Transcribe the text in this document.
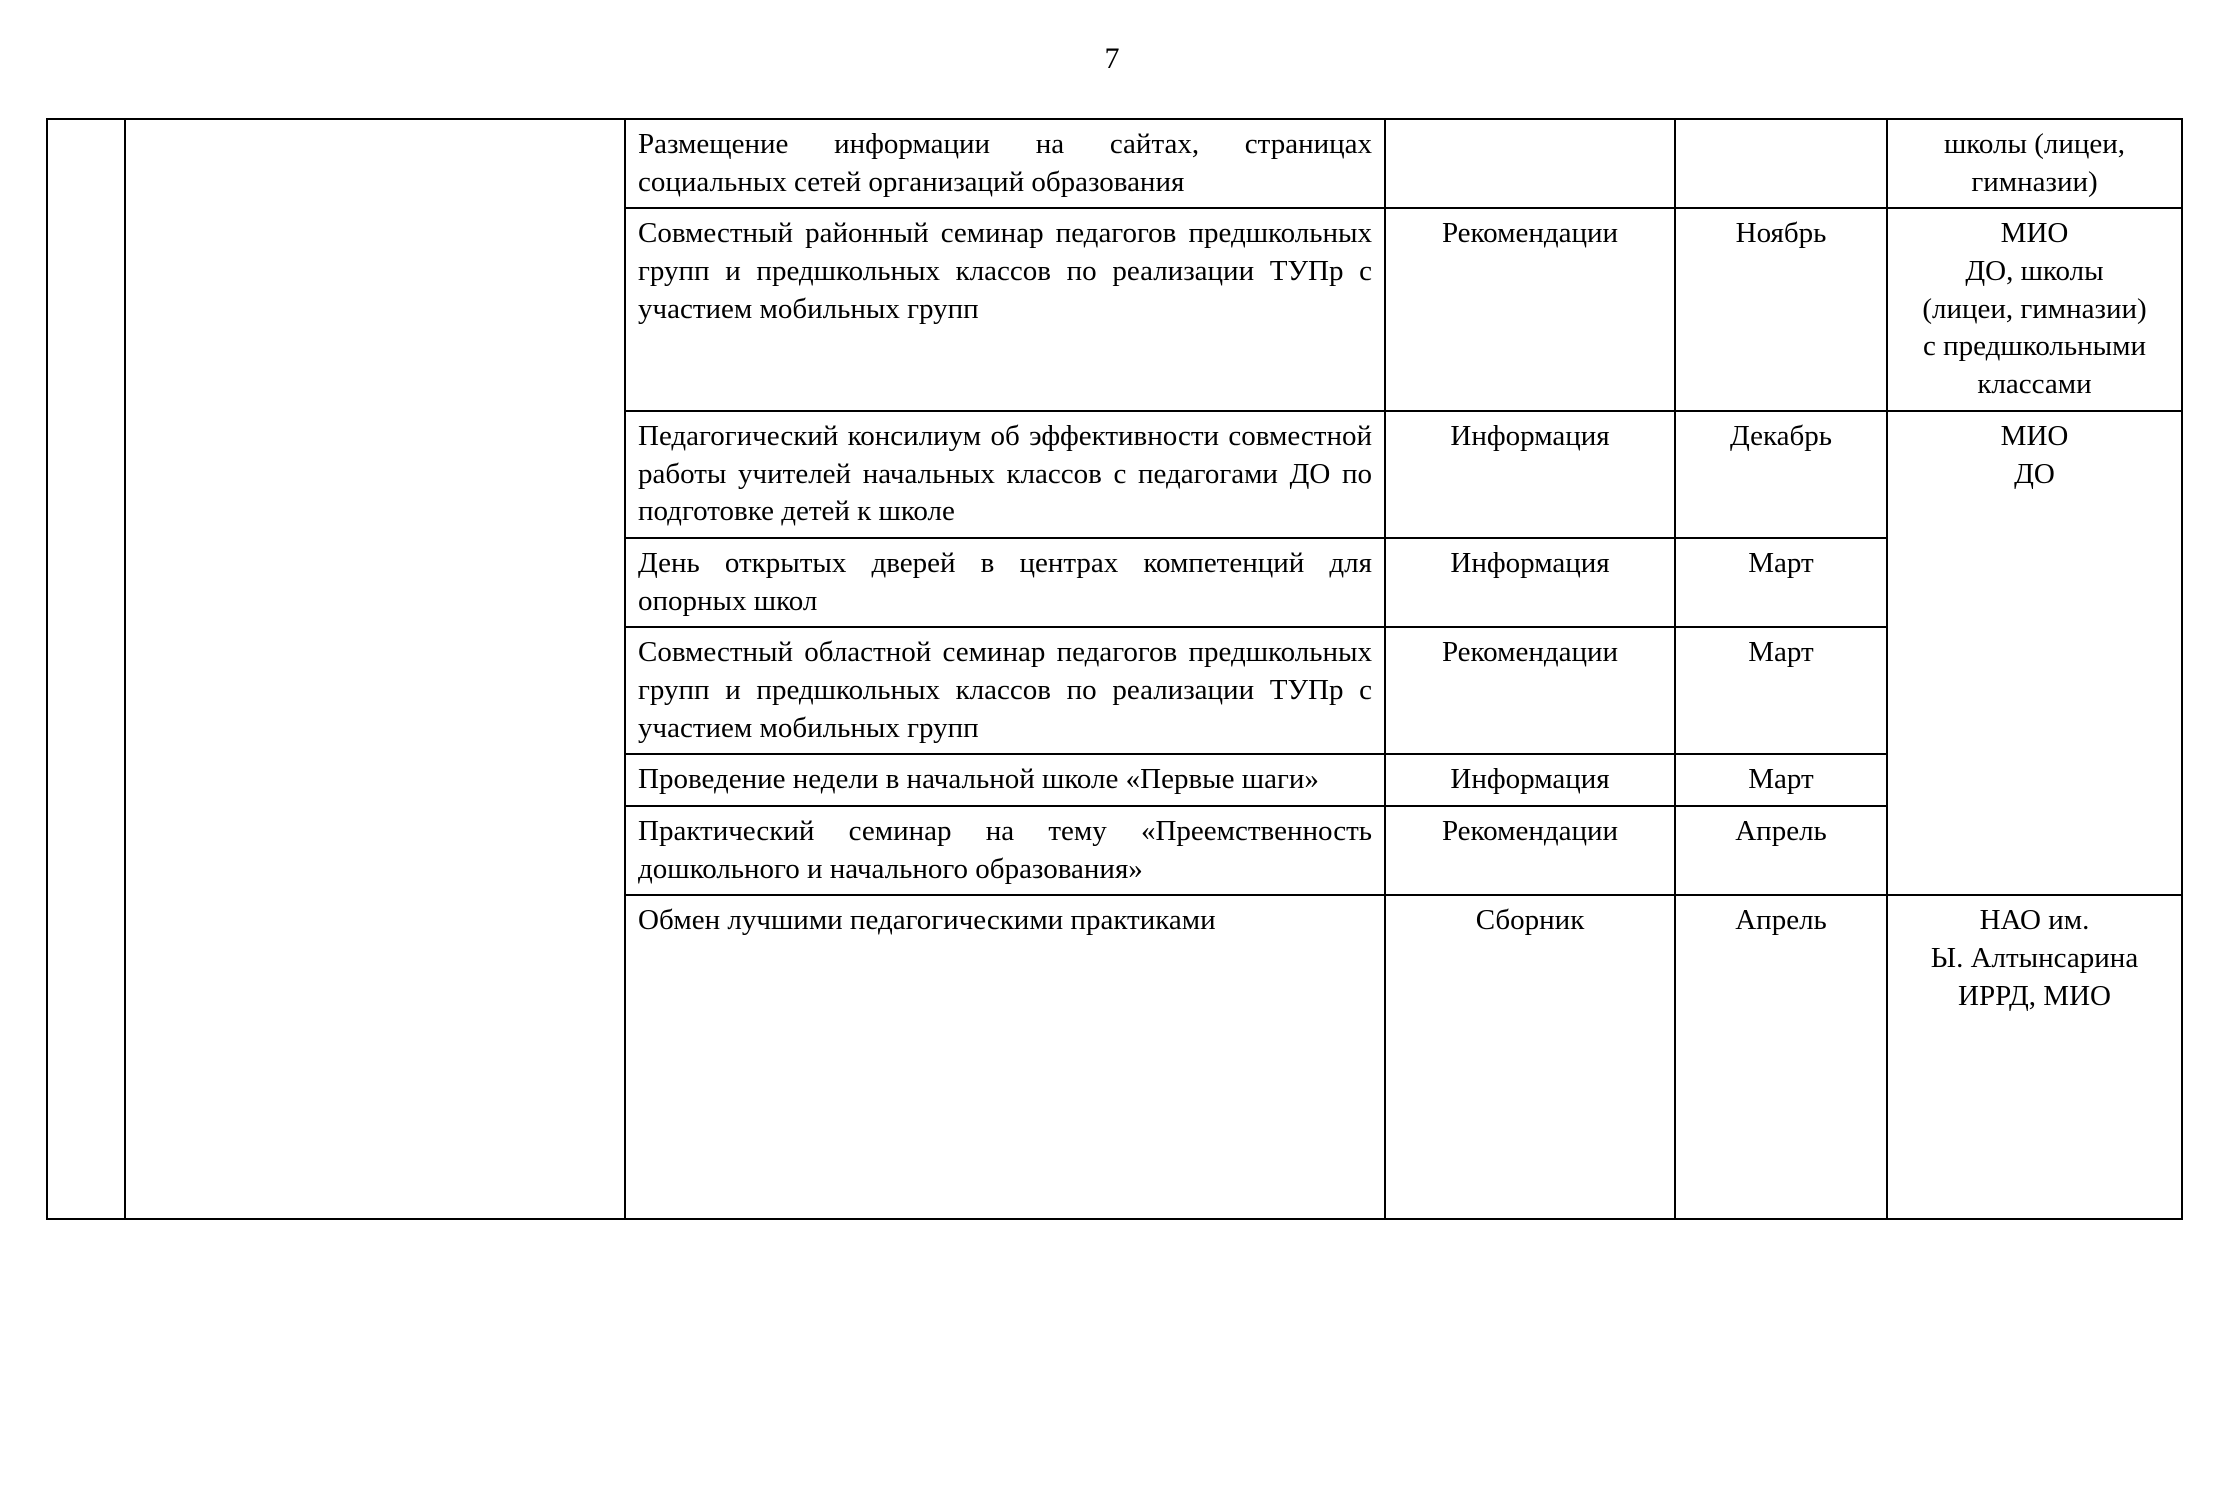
7
		Размещение информации на сайтах, страницах социальных сетей организаций образования			школы (лицеи,
гимназии)

		Совместный районный семинар педагогов предшкольных групп и предшкольных классов по реализации ТУПр с участием мобильных групп	Рекомендации	Ноябрь	МИО
ДО, школы
(лицеи, гимназии)
с предшкольными
классами

		Педагогический консилиум об эффективности совместной работы учителей начальных классов с педагогами ДО по подготовке детей к школе	Информация	Декабрь	МИО
ДО

		День открытых дверей в центрах компетенций для опорных школ	Информация	Март	
		Совместный областной семинар педагогов предшкольных групп и предшкольных классов по реализации ТУПр с участием мобильных групп	Рекомендации	Март	
		Проведение недели в начальной школе «Первые шаги»	Информация	Март	
		Практический семинар на тему «Преемственность дошкольного и начального образования»	Рекомендации	Апрель	
		Обмен лучшими педагогическими практиками	Сборник	Апрель	НАО им.
Ы. Алтынсарина
ИРРД, МИО
